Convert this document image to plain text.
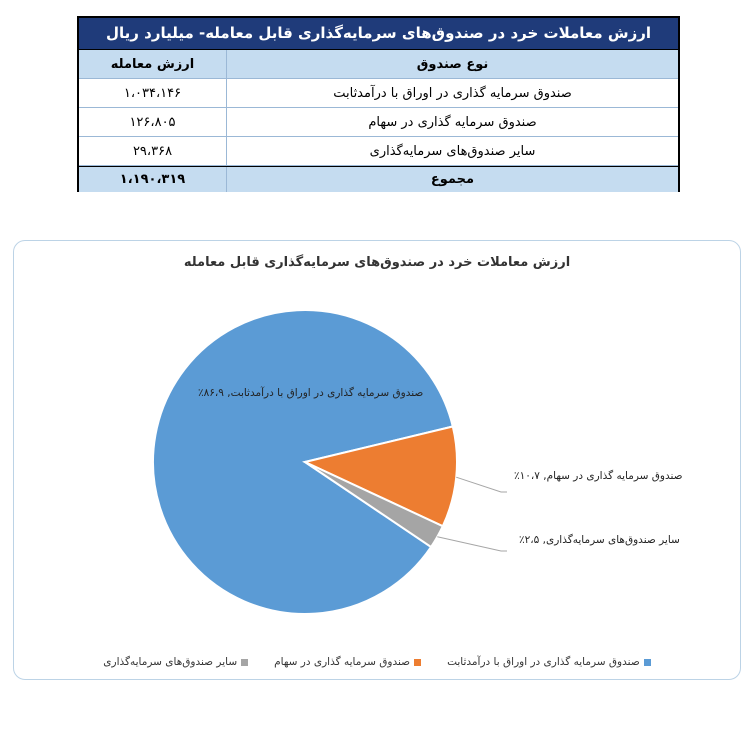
ارزش معاملات خرد در صندوق‌های سرمایه‌گذاری قابل معامله- میلیارد ریال
نوع صندوق
ارزش معامله
صندوق سرمایه گذاری در اوراق با درآمدثابت
۱،۰۳۴،۱۴۶
صندوق سرمایه گذاری در سهام
۱۲۶،۸۰۵
سایر صندوق‌های سرمایه‌گذاری
۲۹،۳۶۸
مجموع
۱،۱۹۰،۳۱۹
ارزش معاملات خرد در صندوق‌های سرمایه‌گذاری قابل معامله
صندوق سرمایه گذاری در اوراق با درآمدثابت, ۸۶،۹٪
صندوق سرمایه گذاری در سهام, ۱۰،۷٪
سایر صندوق‌های سرمایه‌گذاری, ۲،۵٪
صندوق سرمایه گذاری در اوراق با درآمدثابت
صندوق سرمایه گذاری در سهام
سایر صندوق‌های سرمایه‌گذاری
